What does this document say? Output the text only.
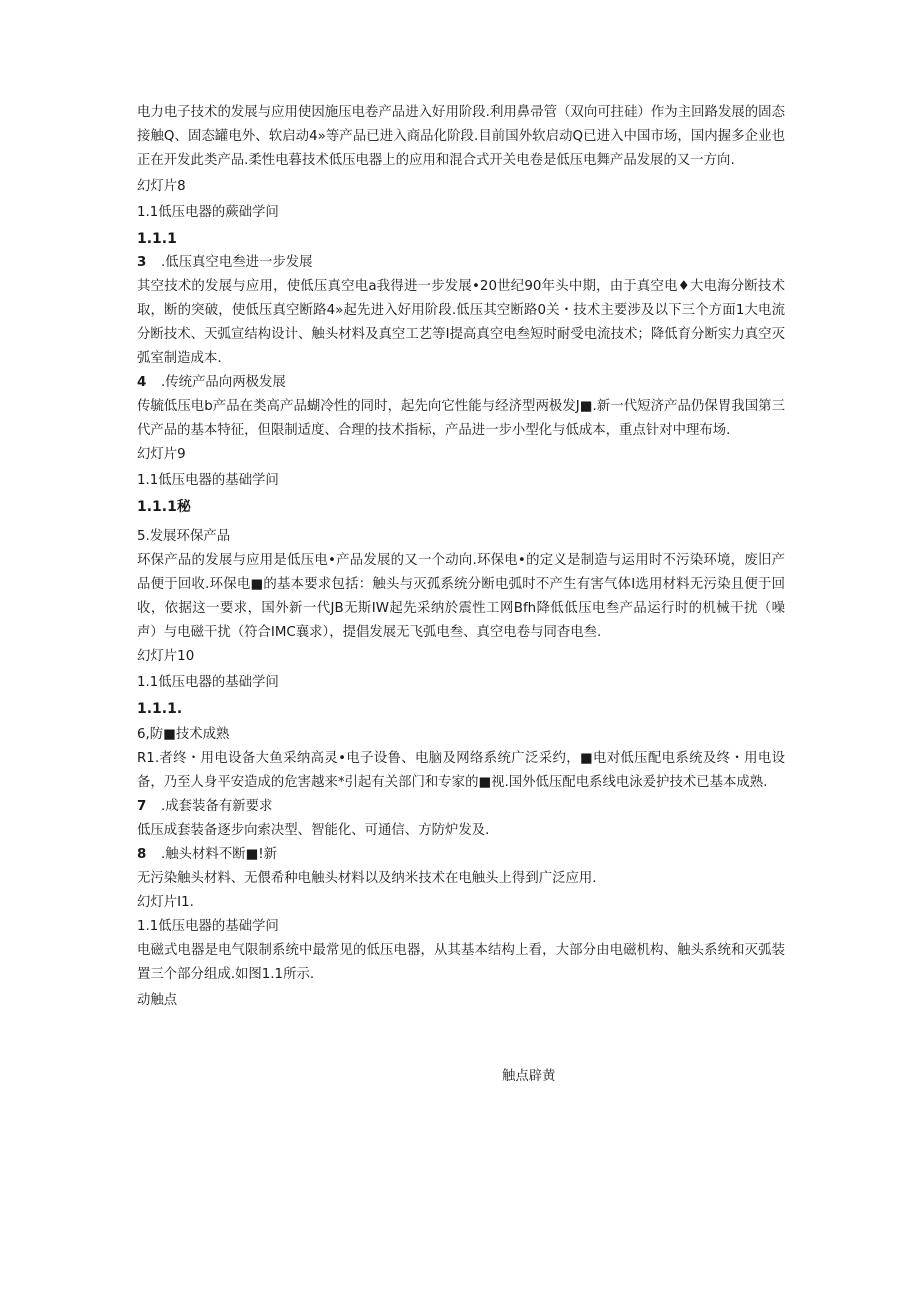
电力电子技术的发展与应用使因施压电卷产品进入好用阶段.利用鼻帚管（双向可拄硅）作为主回路发展的固态接触Q、固态罐电外、软启动4»等产品已进入商品化阶段.目前国外软启动Q已进入中国市场，国内握多企业也正在开发此类产品.柔性电暮技术低压电器上的应用和混合式开关电卷是低压电舞产品发展的又一方向.

幻灯片8

1.1低压电器的蕨础学问

1.1.1

3 .低压真空电叁进一步发展

其空技术的发展与应用，使低压真空电a我得进一步发展•20世纪90年头中期，由于真空电♦大电海分断技术取，断的突破，使低压真空断路4»起先进入好用阶段.低压其空断路0关・技术主要涉及以下三个方面1大电流分断技术、天弧宣结构设计、触头材料及真空工艺等I提高真空电叁短时耐受电流技术；降低育分断实力真空灭弧室制造成本.

4 .传统产品向两极发展

传毓低压电b产品在类高产品蝴冷性的同时，起先向它性能与经济型两极发J■.新一代短济产品仍保胃我国第三代产品的基本特征，但限制适度、合理的技术指标，产品进一步小型化与低成本，重点针对中理布场.

幻灯片9

1.1低压电器的基础学问

1.1.1秘

5.发展环保产品

环保产品的发展与应用是低压电•产品发展的又一个动向.环保电•的定义是制造与运用时不污染环境，废旧产品便于回收.环保电■的基本要求包括：触头与灭孤系统分断电弧时不产生有害气体I选用材料无污染且便于回收，依据这一要求，国外新一代JB无斯IW起先采纳於震性工网Bfh降低低压电叁产品运行时的机械干扰（噪声）与电磁干扰（符合IMC襄求），提倡发展无飞弧电叁、真空电卷与同杳电叁.

幻灯片10

1.1低压电器的基础学问

1.1.1.

6,防■技术成熟

R1.者终・用电设备大鱼采纳高灵•电子设鲁、电脑及网络系统广泛采约，■电对低压配电系统及终・用电设备，乃至人身平安造成的危害越来*引起有关部门和专家的■视.国外低压配电系线电泳爰护技术已基本成熟.

7 .成套装备有新要求

低压成套装备逐步向索决型、智能化、可通信、方防炉发及.

8 .触头材料不断■!新

无污染触头材料、无偎希种电触头材料以及纳米技术在电触头上得到广泛应用.

幻灯片I1.

1.1低压电器的基础学问

电磁式电器是电气限制系统中最常见的低压电器，从其基本结构上看，大部分由电磁机构、触头系统和灭弧装置三个部分组成.如图1.1所示.

动触点

触点辟黄
